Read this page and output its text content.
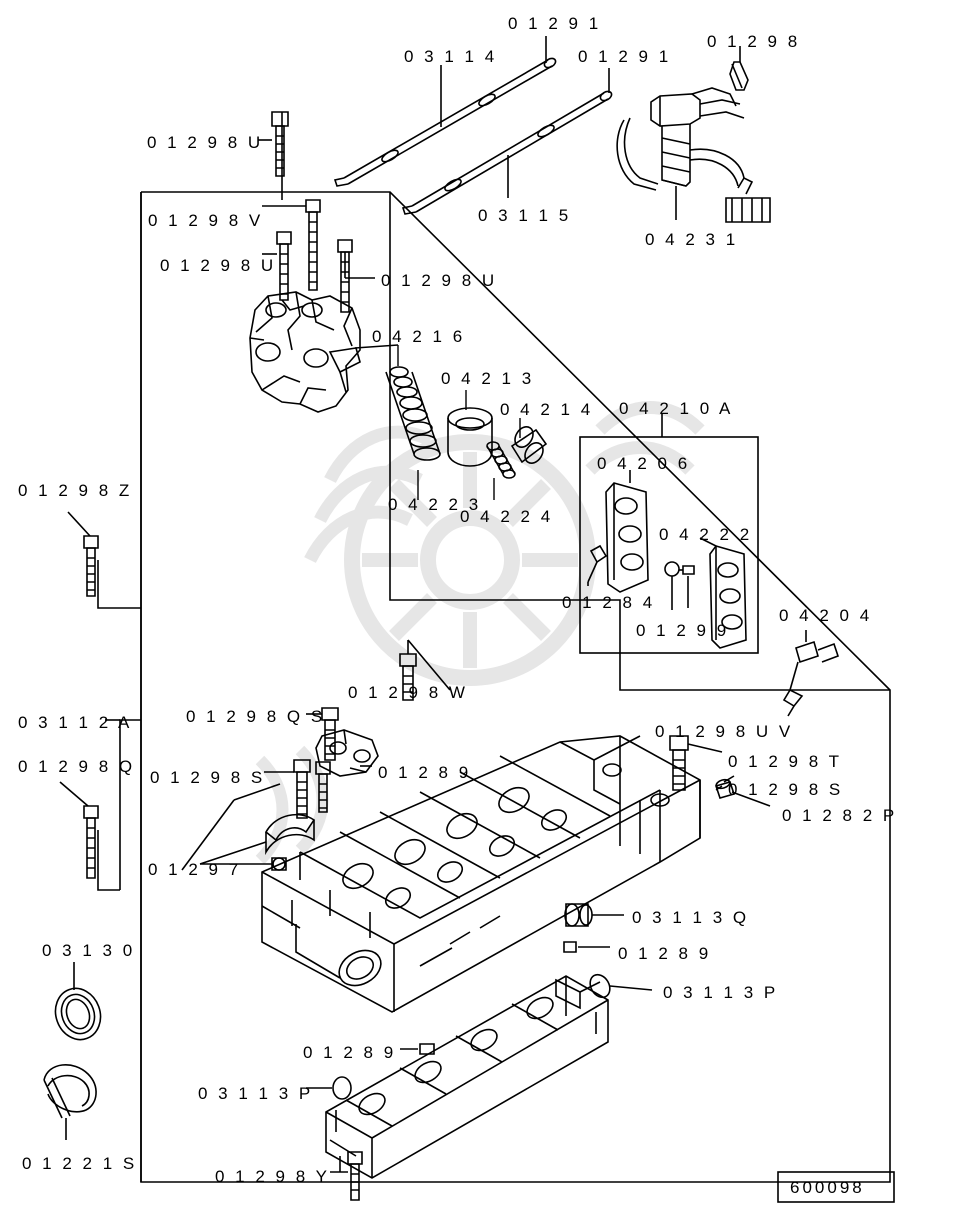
0 1 2 9 1
0 3 1 1 4	0 1 2 9 1
0 1 2 9 8
0 1 2 9 8 U
0 3 1 1 5
0 4 2 3 1
0 1 2 9 8 V
0 1 2 9 8 U
0 1 2 9 8 U
0 4 2 1 6
0 4 2 1 3
0 4 2 1 4 0 4 2 1 0 A
0 4 2 2 3
0 4 2 2 4
0 4 2 0 6
0 4 2 2 2
0 1 2 8 4
0 1 2 9 9
0 4 2 0 4
0 1 2 9 8 Z
0 1 2 9 8 W
0 1 2 9 8 Q S
0 3 1 1 2 A	0 1 2 9 8 U V
0 1 2 9 8 T
0 1 2 9 8 Q
0 1 2 9 8 S
0 1 2 9 8 S	0 1 2 8 9
0 1 2 8 2 P
0 1 2 9 7
0 3 1 1 3 Q
0 1 2 8 9
0 3 1 3 0
0 3 1 1 3 P
0 1 2 8 9
0 3 1 1 3 P
0 1 2 2 1 S
0 1 2 9 8 Y
600098
